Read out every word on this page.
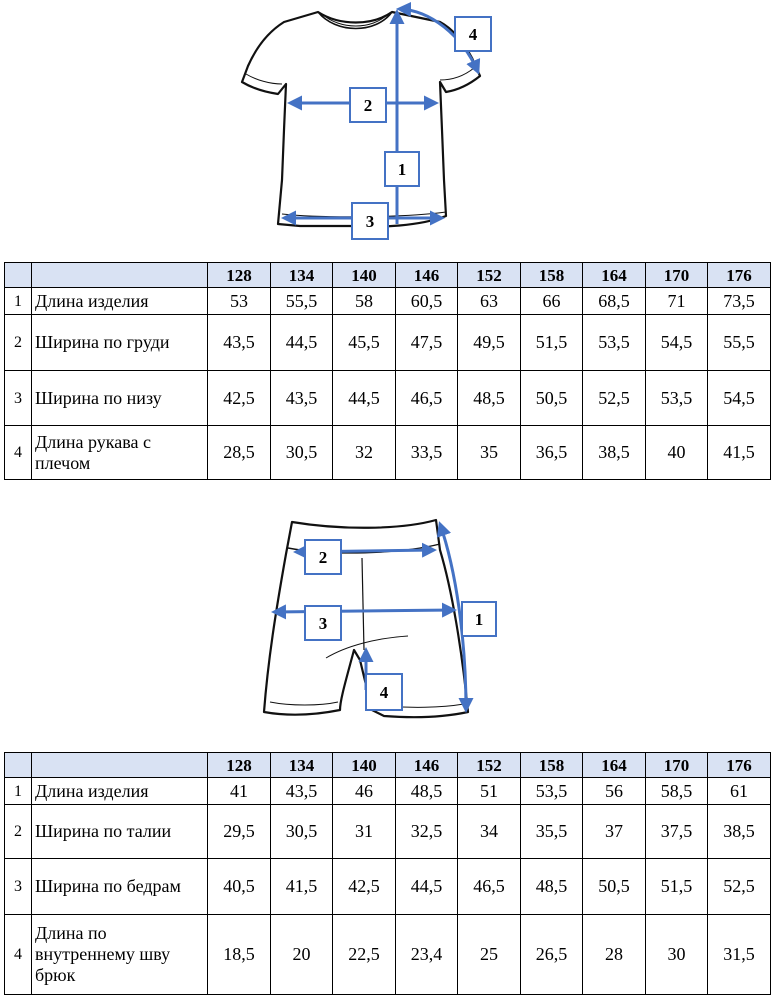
1
2
3
4
		128	134	140	146	152	158	164	170	176
1	Длина изделия	53	55,5	58	60,5	63	66	68,5	71	73,5
2	Ширина по груди	43,5	44,5	45,5	47,5	49,5	51,5	53,5	54,5	55,5
3	Ширина по низу	42,5	43,5	44,5	46,5	48,5	50,5	52,5	53,5	54,5
4	Длина рукава с плечом	28,5	30,5	32	33,5	35	36,5	38,5	40	41,5
1
2
3
4
		128	134	140	146	152	158	164	170	176
1	Длина изделия	41	43,5	46	48,5	51	53,5	56	58,5	61
2	Ширина по талии	29,5	30,5	31	32,5	34	35,5	37	37,5	38,5
3	Ширина по бедрам	40,5	41,5	42,5	44,5	46,5	48,5	50,5	51,5	52,5
4	Длина по внутреннему шву брюк	18,5	20	22,5	23,4	25	26,5	28	30	31,5
